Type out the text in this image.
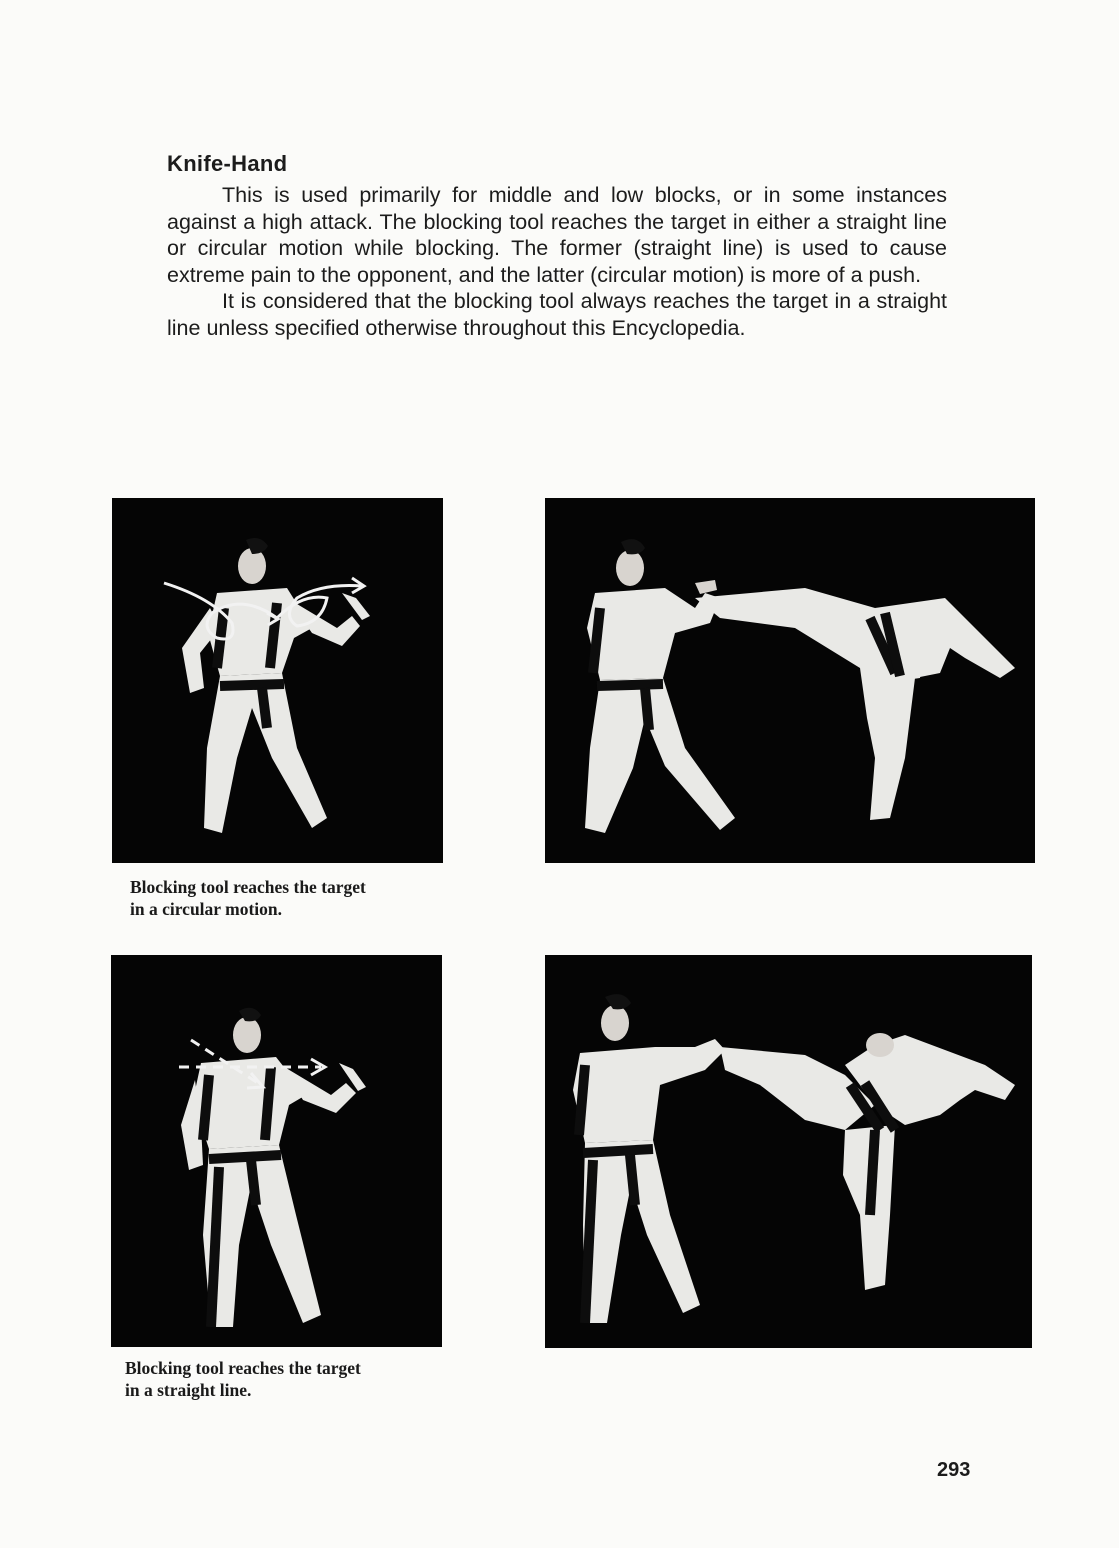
Knife-Hand

This is used primarily for middle and low blocks, or in some instances against a high attack. The blocking tool reaches the target in either a straight line or circular motion while blocking. The former (straight line) is used to cause extreme pain to the opponent, and the latter (circular motion) is more of a push.

It is considered that the blocking tool always reaches the target in a straight line unless specified otherwise throughout this Encyclopedia.

Blocking tool reaches the target
in a circular motion.
Blocking tool reaches the target
in a straight line.
293
